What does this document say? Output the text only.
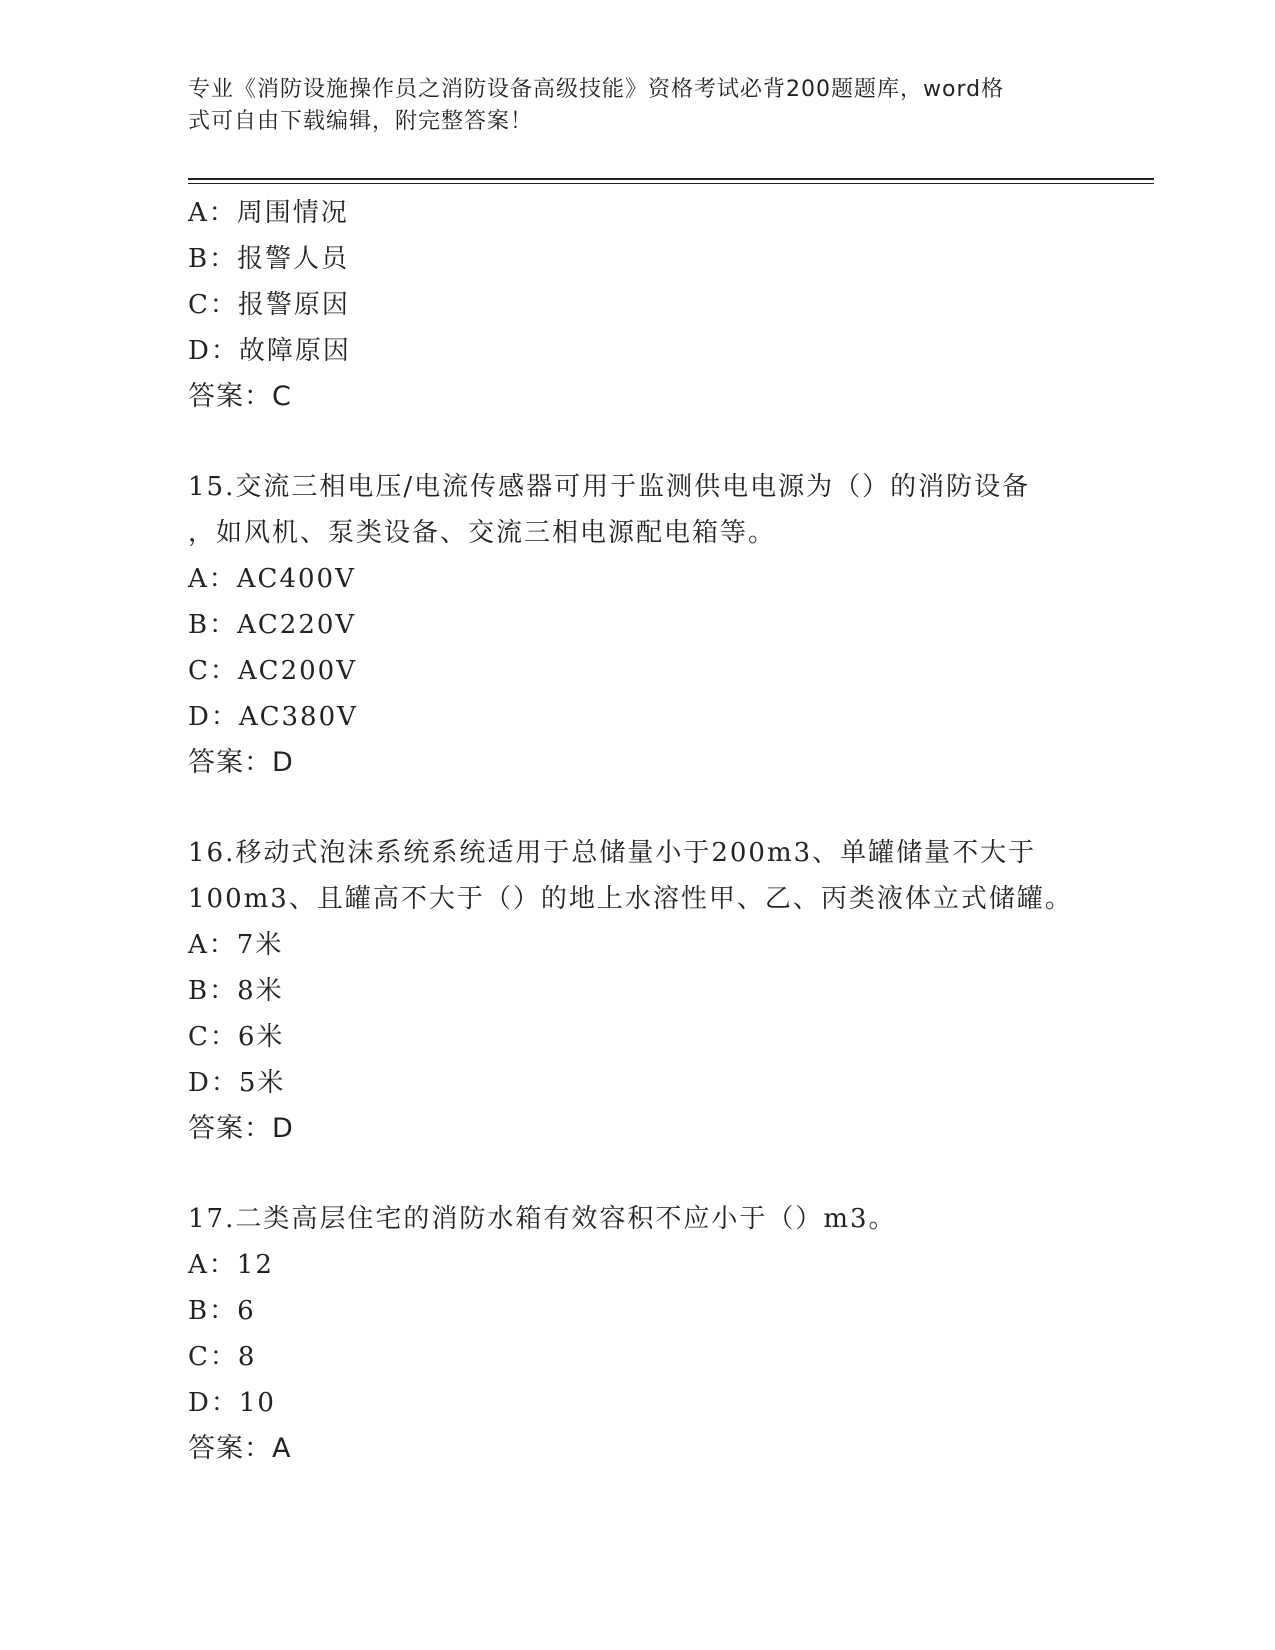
专业《消防设施操作员之消防设备高级技能》资格考试必背200题题库，word格
式可自由下载编辑，附完整答案！
A：周围情况
B：报警人员
C：报警原因
D：故障原因
答案：C
15.交流三相电压/电流传感器可用于监测供电电源为（）的消防设备
，如风机、泵类设备、交流三相电源配电箱等。
A：AC400V
B：AC220V
C：AC200V
D：AC380V
答案：D
16.移动式泡沫系统系统适用于总储量小于200m3、单罐储量不大于
100m3、且罐高不大于（）的地上水溶性甲、乙、丙类液体立式储罐。
A：7米
B：8米
C：6米
D：5米
答案：D
17.二类高层住宅的消防水箱有效容积不应小于（）m3。
A：12
B：6
C：8
D：10
答案：A
